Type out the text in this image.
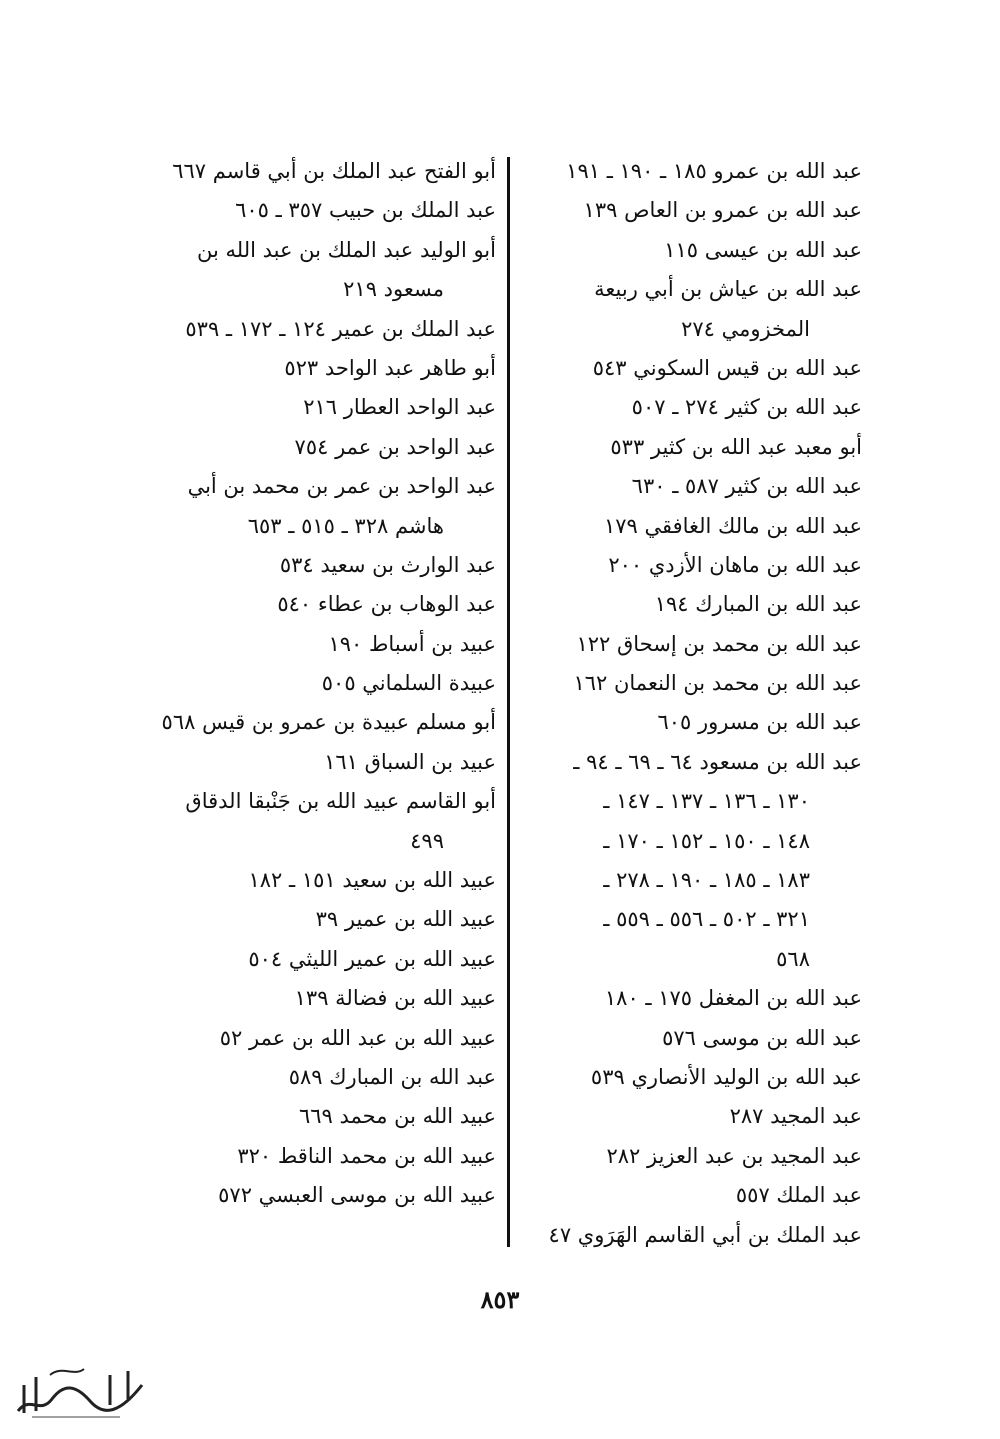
عبد الله بن عمرو ١٨٥ ـ ١٩٠ ـ ١٩١
عبد الله بن عمرو بن العاص ١٣٩
عبد الله بن عيسى ١١٥
عبد الله بن عياش بن أبي ربيعة
المخزومي ٢٧٤
عبد الله بن قيس السكوني ٥٤٣
عبد الله بن كثير ٢٧٤ ـ ٥٠٧
أبو معبد عبد الله بن كثير ٥٣٣
عبد الله بن كثير ٥٨٧ ـ ٦٣٠
عبد الله بن مالك الغافقي ١٧٩
عبد الله بن ماهان الأزدي ٢٠٠
عبد الله بن المبارك ١٩٤
عبد الله بن محمد بن إسحاق ١٢٢
عبد الله بن محمد بن النعمان ١٦٢
عبد الله بن مسرور ٦٠٥
عبد الله بن مسعود ٦٤ ـ ٦٩ ـ ٩٤ ـ
١٣٠ ـ ١٣٦ ـ ١٣٧ ـ ١٤٧ ـ
١٤٨ ـ ١٥٠ ـ ١٥٢ ـ ١٧٠ ـ
١٨٣ ـ ١٨٥ ـ ١٩٠ ـ ٢٧٨ ـ
٣٢١ ـ ٥٠٢ ـ ٥٥٦ ـ ٥٥٩ ـ
٥٦٨
عبد الله بن المغفل ١٧٥ ـ ١٨٠
عبد الله بن موسى ٥٧٦
عبد الله بن الوليد الأنصاري ٥٣٩
عبد المجيد ٢٨٧
عبد المجيد بن عبد العزيز ٢٨٢
عبد الملك ٥٥٧
عبد الملك بن أبي القاسم الهَرَوي ٤٧
أبو الفتح عبد الملك بن أبي قاسم ٦٦٧
عبد الملك بن حبيب ٣٥٧ ـ ٦٠٥
أبو الوليد عبد الملك بن عبد الله بن
مسعود ٢١٩
عبد الملك بن عمير ١٢٤ ـ ١٧٢ ـ ٥٣٩
أبو طاهر عبد الواحد ٥٢٣
عبد الواحد العطار ٢١٦
عبد الواحد بن عمر ٧٥٤
عبد الواحد بن عمر بن محمد بن أبي
هاشم ٣٢٨ ـ ٥١٥ ـ ٦٥٣
عبد الوارث بن سعيد ٥٣٤
عبد الوهاب بن عطاء ٥٤٠
عبيد بن أسباط ١٩٠
عبيدة السلماني ٥٠٥
أبو مسلم عبيدة بن عمرو بن قيس ٥٦٨
عبيد بن السباق ١٦١
أبو القاسم عبيد الله بن جَنْبقا الدقاق
٤٩٩
عبيد الله بن سعيد ١٥١ ـ ١٨٢
عبيد الله بن عمير ٣٩
عبيد الله بن عمير الليثي ٥٠٤
عبيد الله بن فضالة ١٣٩
عبيد الله بن عبد الله بن عمر ٥٢
عبد الله بن المبارك ٥٨٩
عبيد الله بن محمد ٦٦٩
عبيد الله بن محمد الناقط ٣٢٠
عبيد الله بن موسى العبسي ٥٧٢
٨٥٣
